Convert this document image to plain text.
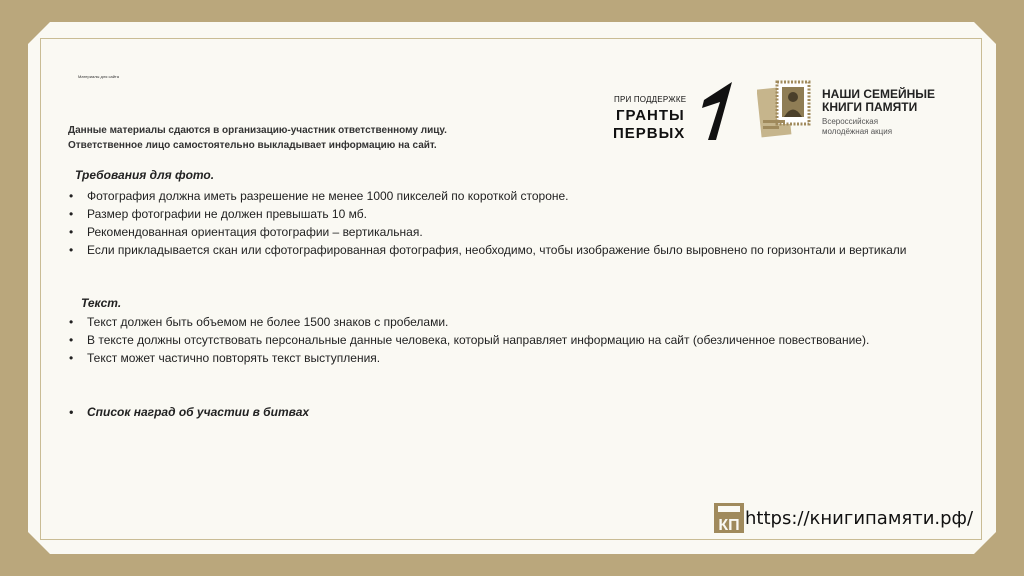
Материалы для сайта
Данные материалы сдаются в организацию-участник ответственному лицу.
Ответственное лицо самостоятельно выкладывает информацию на сайт.
Требования для фото.
• Фотография должна иметь разрешение не менее 1000 пикселей по короткой стороне.
• Размер фотографии не должен превышать 10 мб.
• Рекомендованная ориентация фотографии – вертикальная.
• Если прикладывается скан или сфотографированная фотография, необходимо, чтобы изображение было выровнено по горизонтали и вертикали
Текст.
• Текст должен быть объемом не более 1500 знаков с пробелами.
• В тексте должны отсутствовать персональные данные человека, который направляет информацию на сайт (обезличенное повествование).
• Текст может частично повторять текст выступления.
• Список наград об участии в битвах
ПРИ ПОДДЕРЖКЕ
ГРАНТЫ
ПЕРВЫХ
НАШИ СЕМЕЙНЫЕ
КНИГИ ПАМЯТИ
Всероссийская
молодёжная акция
КП https://книгипамяти.рф/
